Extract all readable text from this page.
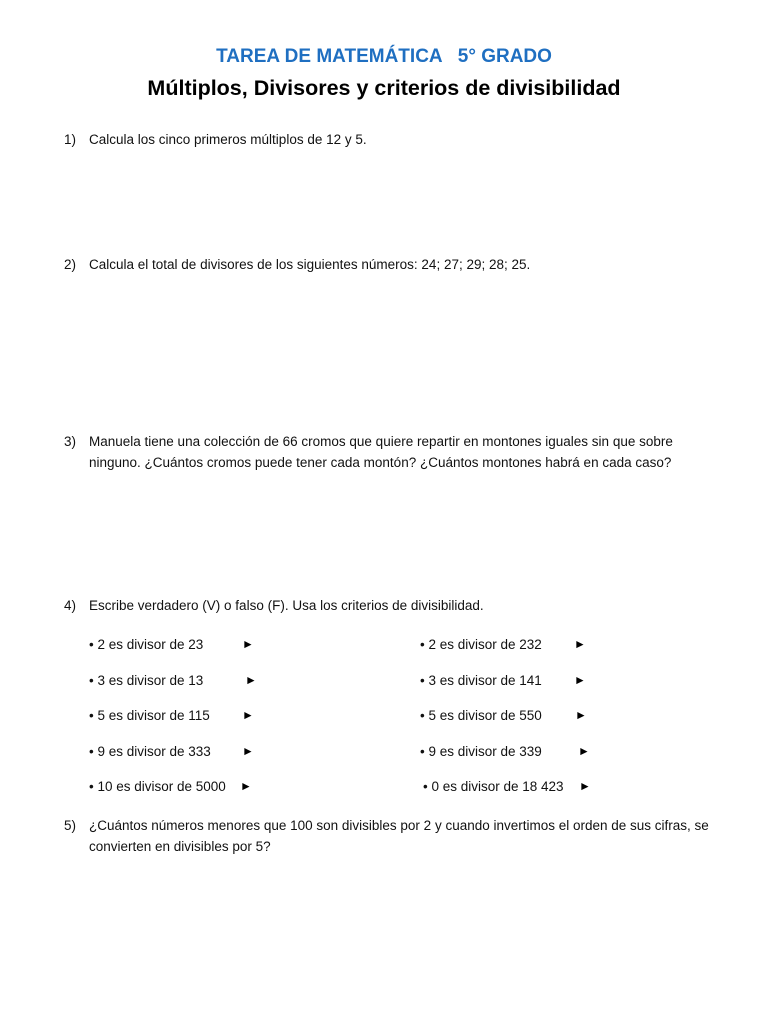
TAREA DE MATEMÁTICA   5° GRADO
Múltiplos, Divisores y criterios de divisibilidad
1) Calcula los cinco primeros múltiplos de 12 y 5.
2) Calcula el total de divisores de los siguientes números: 24; 27; 29; 28; 25.
3) Manuela tiene una colección de 66 cromos que quiere repartir en montones iguales sin que sobre ninguno. ¿Cuántos cromos puede tener cada montón? ¿Cuántos montones habrá en cada caso?
4) Escribe verdadero (V) o falso (F). Usa los criterios de divisibilidad.
• 2 es divisor de 23	►
• 3 es divisor de 13	►
• 5 es divisor de 115	►
• 9 es divisor de 333	►
• 10 es divisor de 5000 ►
• 2 es divisor de 232	►
• 3 es divisor de 141	►
• 5 es divisor de 550	►
• 9 es divisor de 339	►
• 0 es divisor de 18 423 ►
5) ¿Cuántos números menores que 100 son divisibles por 2 y cuando invertimos el orden de sus cifras, se convierten en divisibles por 5?
